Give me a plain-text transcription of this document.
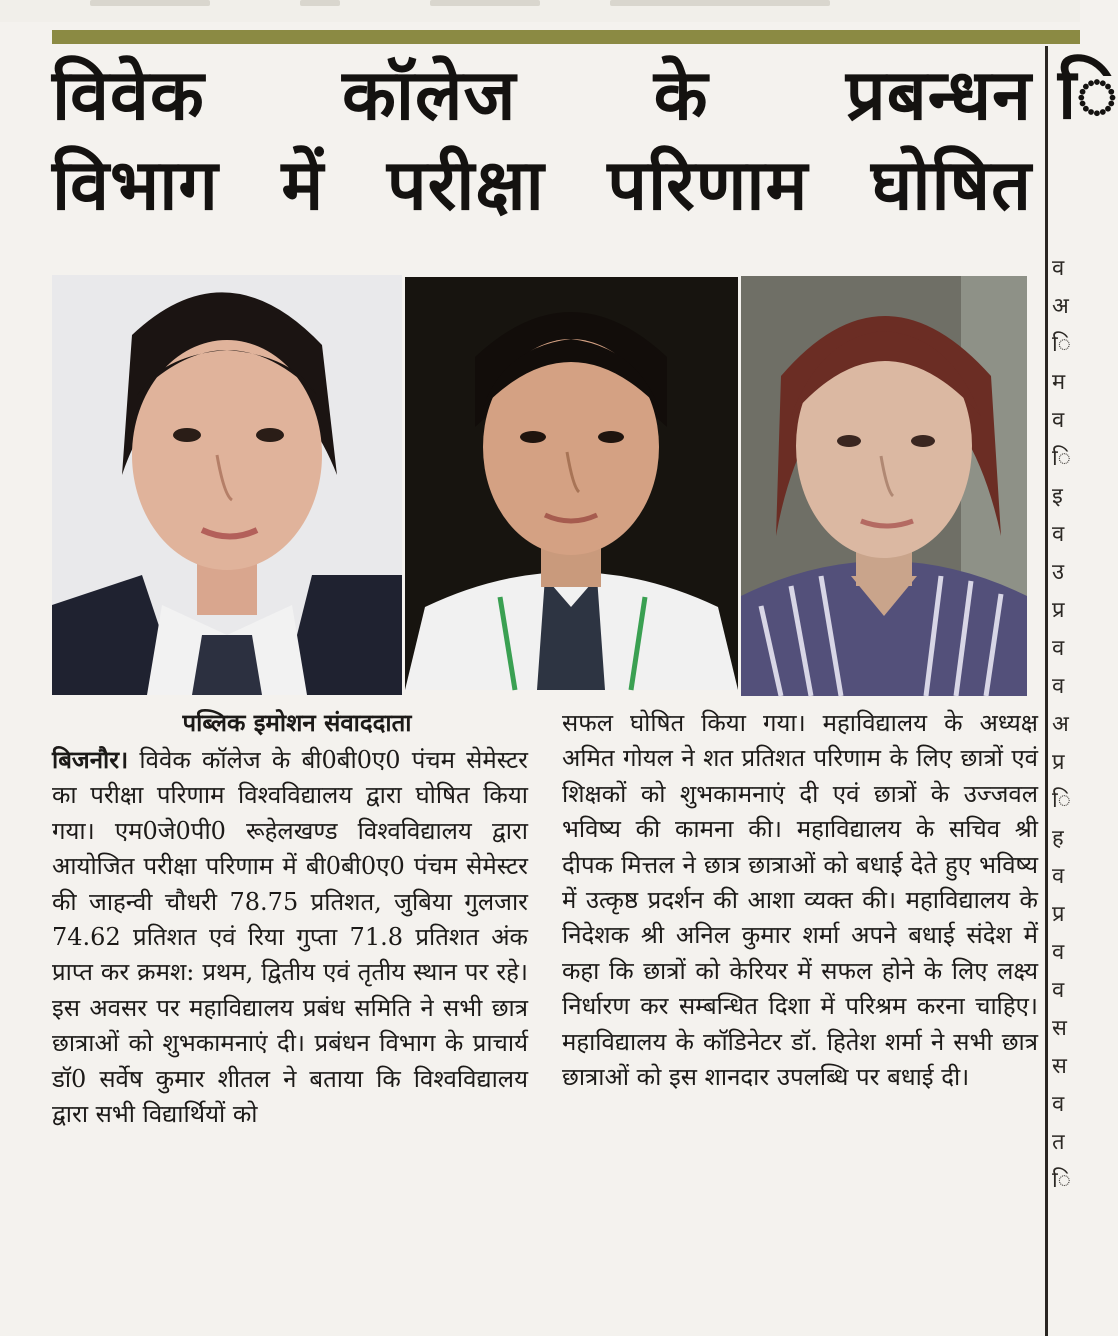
विवेक कॉलेज के प्रबन्धन
विभाग में परीक्षा परिणाम घोषित
ि
पब्लिक इमोशन संवाददाता
बिजनौर। विवेक कॉलेज के बी0बी0ए0 पंचम सेमेस्टर का परीक्षा परिणाम विश्वविद्यालय द्वारा घोषित किया गया। एम0जे0पी0 रूहेलखण्ड विश्वविद्यालय द्वारा आयोजित परीक्षा परिणाम में बी0बी0ए0 पंचम सेमेस्टर की जाहन्वी चौधरी 78.75 प्रतिशत, जुबिया गुलजार 74.62 प्रतिशत एवं रिया गुप्ता 71.8 प्रतिशत अंक प्राप्त कर क्रमश: प्रथम, द्वितीय एवं तृतीय स्थान पर रहे। इस अवसर पर महाविद्यालय प्रबंध समिति ने सभी छात्र छात्राओं को शुभकामनाएं दी। प्रबंधन विभाग के प्राचार्य डॉ0 सर्वेष कुमार शीतल ने बताया कि विश्वविद्यालय द्वारा सभी विद्यार्थियों को
सफल घोषित किया गया। महाविद्यालय के अध्यक्ष अमित गोयल ने शत प्रतिशत परिणाम के लिए छात्रों एवं शिक्षकों को शुभकामनाएं दी एवं छात्रों के उज्जवल भविष्य की कामना की। महाविद्यालय के सचिव श्री दीपक मित्तल ने छात्र छात्राओं को बधाई देते हुए भविष्य में उत्कृष्ठ प्रदर्शन की आशा व्यक्त की। महाविद्यालय के निदेशक श्री अनिल कुमार शर्मा अपने बधाई संदेश में कहा कि छात्रों को केरियर में सफल होने के लिए लक्ष्य निर्धारण कर सम्बन्धित दिशा में परिश्रम करना चाहिए। महाविद्यालय के कॉडिनेटर डॉ. हितेश शर्मा ने सभी छात्र छात्राओं को इस शानदार उपलब्धि पर बधाई दी।
व
अ
ि
म
व
ि
इ
व
उ
प्र
व
व
अ
प्र
ि
ह
व
प्र
व
व
स
स
व
त
ि
